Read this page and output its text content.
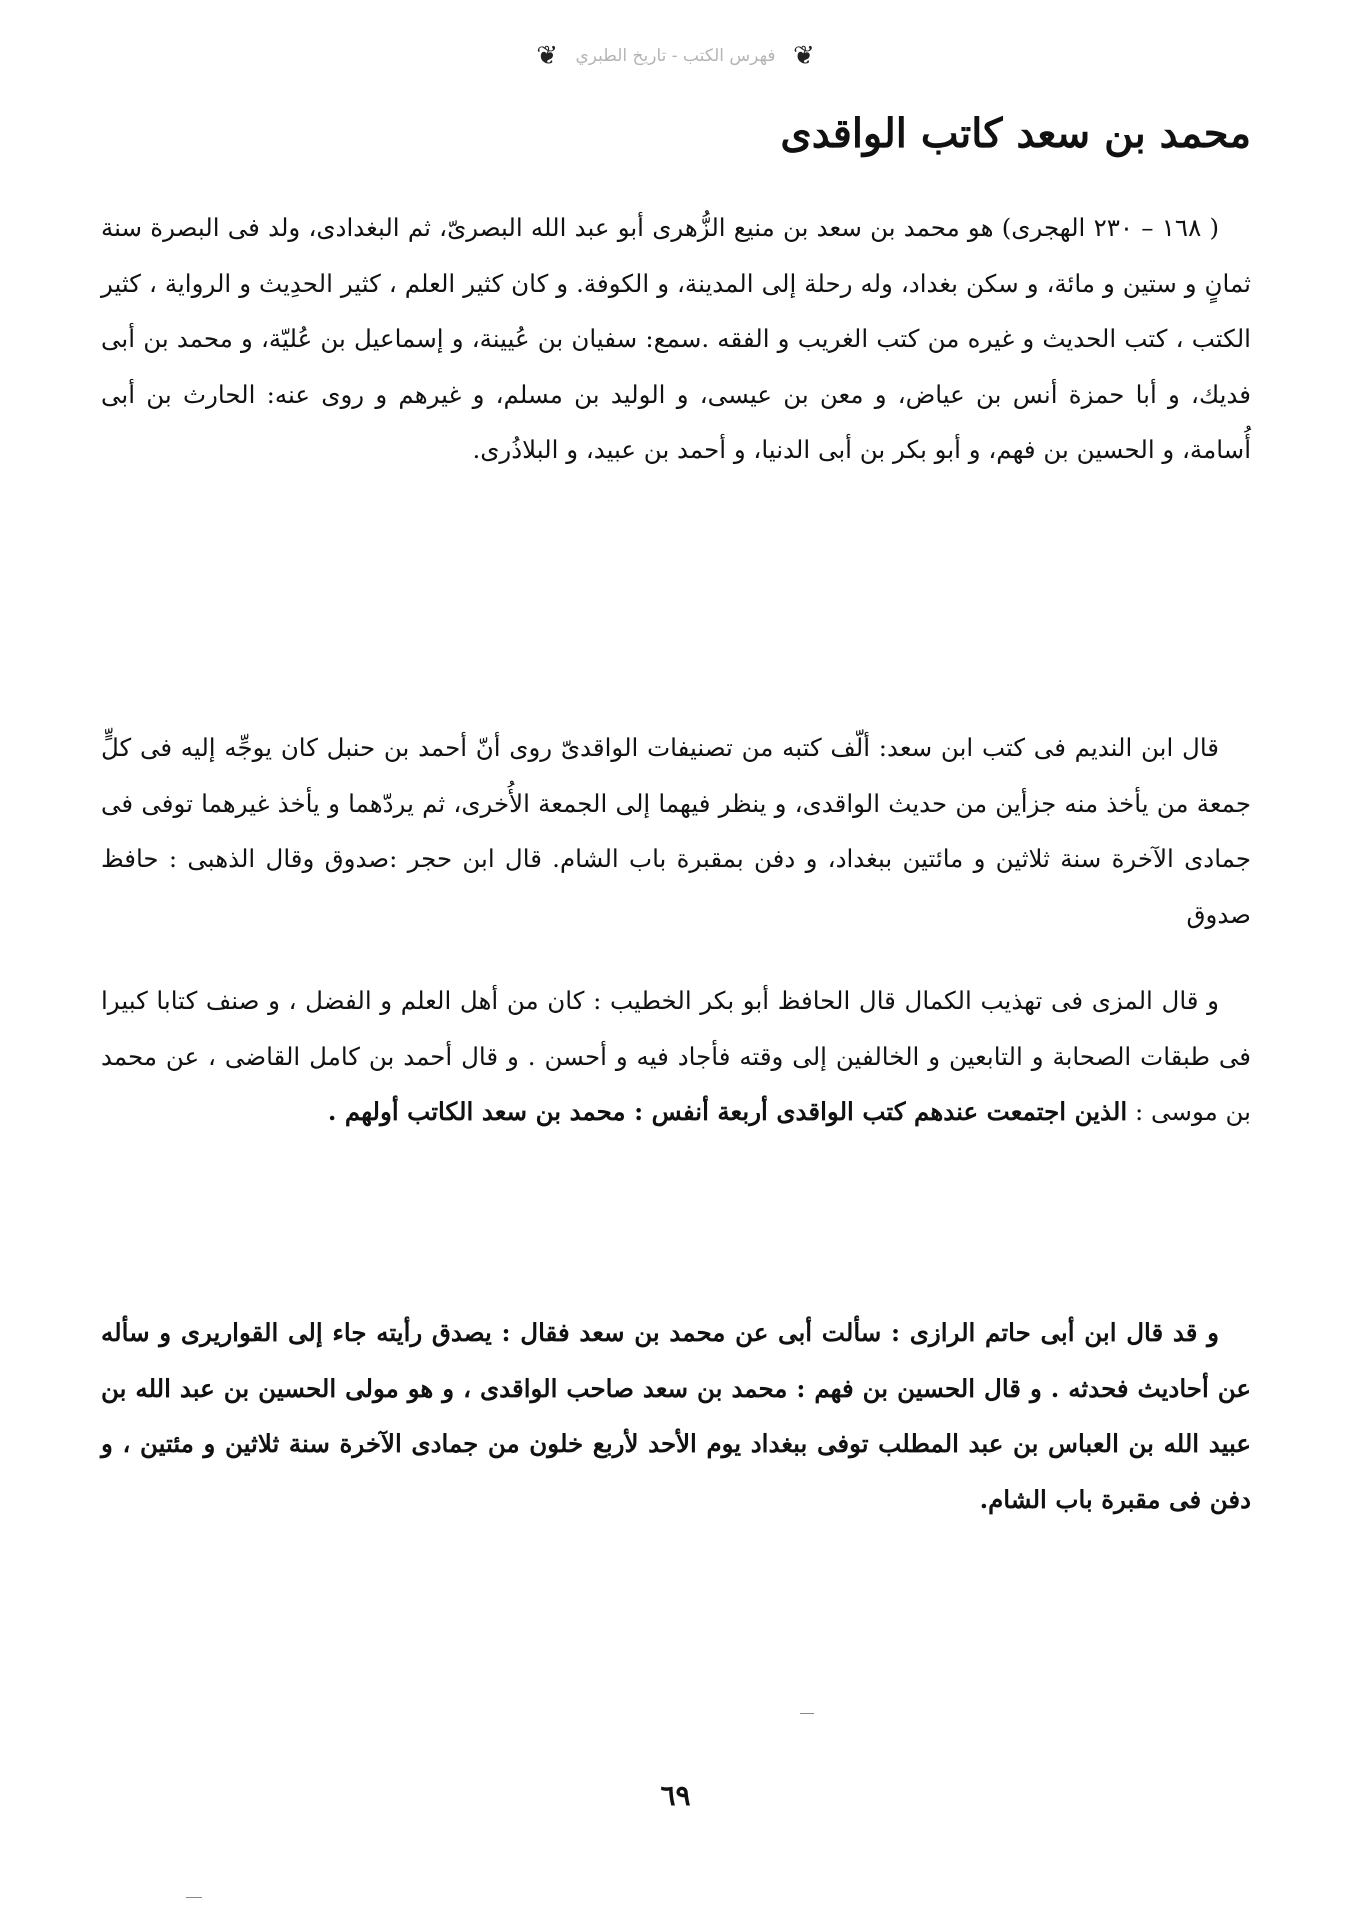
❦ فهرس الكتب - تاريخ الطبري ❦
محمد بن سعد كاتب الواقدى

( ١٦٨ – ٢٣٠ الهجرى) هو محمد بن سعد بن منيع الزُّهرى أبو عبد الله البصرىّ، ثم البغدادى، ولد فى البصرة سنة ثمانٍ و ستين و مائة، و سكن بغداد، وله رحلة إلى المدينة، و الكوفة. و كان كثير العلم ، كثير الحدِيث و الرواية ، كثير الكتب ، كتب الحديث و غيره من كتب الغريب و الفقه .سمع: سفيان بن عُيينة، و إسماعيل بن عُليّة، و محمد بن أبى فديك، و أبا حمزة أنس بن عياض، و معن بن عيسى، و الوليد بن مسلم، و غيرهم و روى عنه: الحارث بن أبى أُسامة، و الحسين بن فهم، و أبو بكر بن أبى الدنيا، و أحمد بن عبيد، و البلاذُرى.

قال ابن النديم فى كتب ابن سعد: ألّف كتبه من تصنيفات الواقدىّ روى أنّ أحمد بن حنبل كان يوجِّه إليه فى كلٍّ جمعة من يأخذ منه جزأين من حديث الواقدى، و ينظر فيهما إلى الجمعة الأُخرى، ثم يردّهما و يأخذ غيرهما توفى فى جمادى الآخرة سنة ثلاثين و مائتين ببغداد، و دفن بمقبرة باب الشام. قال ابن حجر :صدوق وقال الذهبى : حافظ صدوق

و قال المزى فى تهذيب الكمال قال الحافظ أبو بكر الخطيب : كان من أهل العلم و الفضل ، و صنف كتابا كبيرا فى طبقات الصحابة و التابعين و الخالفين إلى وقته فأجاد فيه و أحسن . و قال أحمد بن كامل القاضى ، عن محمد بن موسى : الذين اجتمعت عندهم كتب الواقدى أربعة أنفس : محمد بن سعد الكاتب أولهم .

و قد قال ابن أبى حاتم الرازى : سألت أبى عن محمد بن سعد فقال : يصدق رأيته جاء إلى القواريرى و سأله عن أحاديث فحدثه . و قال الحسين بن فهم : محمد بن سعد صاحب الواقدى ، و هو مولى الحسين بن عبد الله بن عبيد الله بن العباس بن عبد المطلب توفى ببغداد يوم الأحد لأربع خلون من جمادى الآخرة سنة ثلاثين و مئتين ، و دفن فى مقبرة باب الشام.

٦٩
